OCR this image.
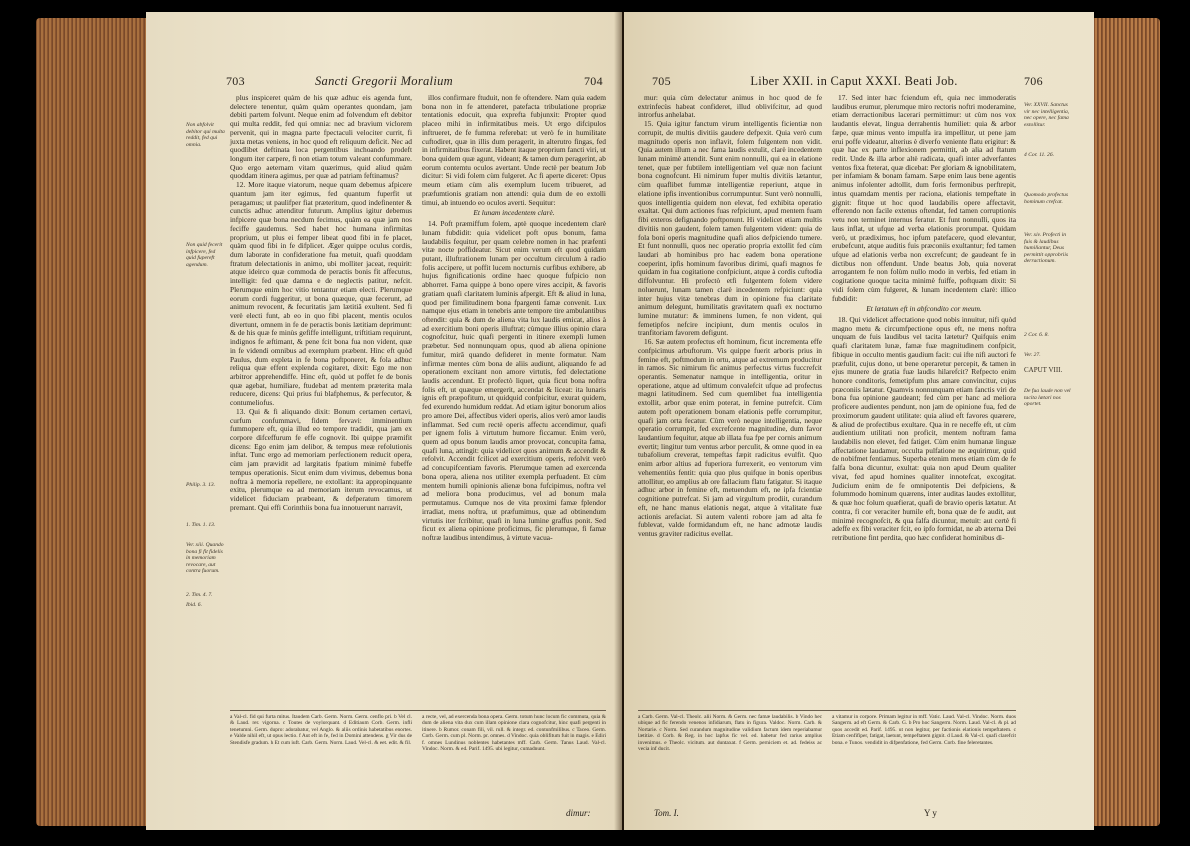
703	Sancti Gregorii Moralium	704
Non abfolvit debitor qui multa reddit, fed qui omnia.
Non quid fecerit infpicere, fed quid fupereft agendum.
Philip. 3. 13.
1. Tim. 1. 13.
Ver. xiii. Quando bona fi fit fidelis in memoriam revocare, aut contra fuorum.
2. Tim. 4. 7.
Ibid. 6.

plus inspiceret quàm de his quæ adhuc eis agenda funt, delectere tenentur, quàm quàm operantes quondam, jam debiti partem folvunt. Neque enim ad folvendum eft debitor qui multa reddit, fed qui omnia: nec ad bravium viclorem pervenit, qui in magna parte fpectaculi velociter currit, fi juxta metas veniens, in hoc quod eft reliquum deficit. Nec ad quodlibet deftinata loca pergentibus inchoando prodeft longum iter carpere, fi non etiam totum valeant confummare. Quo ergo aeternam vitam quærimus, quid aliud quàm quoddam itinera agimus, per quæ ad patriam feftinamus?

12. More itaque viatorum, neque quam debemus afpicere quantum jam iter egimus, fed quantum fuperfit ut peragamus; ut paulifper fiat præteritum, quod indefinenter & cunctis adhuc attenditur futurum. Amplius igitur debemus infpicere quæ bona necdum fecimus, quàm ea quæ jam nos feciffe gaudemus. Sed habet hoc humana infirmitas proprium, ut plus ei femper libeat quod fibi in fe placet, quàm quod fibi in fe difplicet. Æger quippe oculus cordis, dum laborate in confideratione fua metuit, quafi quoddam ftratum delectationis in animo, ubi molliter jaceat, requirit: atque ideirco quæ commoda de peractis bonis fit affecutus, intelligit: fed quæ damna e de neglectis patitur, nefcit. Plerumque enim hoc vitio tentantur etiam electi. Plerumque eorum cordi fuggeritur, ut bona quæque, quæ fecerunt, ad animum revocent, & fecuritatis jam lætitiâ exultent. Sed fi verè electi funt, ab eo in quo fibi placent, mentis oculos divertunt, omnem in fe de peractis bonis lætitiam deprimunt: & de his quæ fe minùs gefiffe intelligunt, triftitiam requirunt, indignos fe æftimant, & pene fcit bona fua non vident, quæ in fe videndi omnibus ad exemplum præbent. Hinc eft quòd Paulus, dum expleta in fe bona poftponeret, & fola adhuc reliqua quæ effent explenda cogitaret, dixit: Ego me non arbitror apprehendiffe. Hinc eft, quòd ut poffet fe de bonis quæ agebat, humiliare, ftudebat ad mentem præterita mala reducere, dicens: Qui prius fui blafphemus, & perfecutor, & contumeliofus.

13. Qui & fi aliquando dixit: Bonum certamen certavi, curfum confummavi, fidem fervavi: imminentium fummopere eft, quia illud eo tempore tradidit, qua jam ex corpore difceffurum fe effe cognovit. Ibi quippe præmifit dicens: Ego enim jam delibor, & tempus meæ refolutionis inftat. Tunc ergo ad memoriam perfectionem reducit opera, cùm jam prævidit ad largitatis fpatium minimè fubeffe tempus operationis. Sicut enim dum vivimus, debemus bona noftra à memoria repellere, ne extollant: ita appropinquante exitu, plerumque ea ad memoriam iterum revocamus, ut videlicet fiduciam præbeant, & defperatum timorem premant. Qui effi Corinthiis bona fua innotuerunt narravit,

illos confirmare ftuduit, non fe oftendere. Nam quia eadem bona non in fe attenderet, patefacta tribulatione propriæ tentationis edocuit, qua exprefta fubjunxit: Propter quod placeo mihi in infirmitatibus meis. Ut ergo difcipulos inftrueret, de fe fumma referebat: ut verò fe in humilitate cuftodiret, quæ in illis dum peragerit, in alterutro fingas, fed in infirmitatibus fixerat. Habent itaque proprium fancti viri, ut bona quidem quæ agunt, videant; & tamen dum peragerint, ab eorum contemtu oculos avertant. Unde rectè per beatum Job dicitur: Si vidi folem cùm fulgeret. Ac fi aperte diceret: Opus meum etiam cùm alis exemplum lucem tribueret, ad præfumtionis gratiam non attendi: quia dum de eo extolli timui, ab intuendo eo oculos averti. Sequitur:

Et lunam incedentem clarè.

14. Poft præmiffum folem, aptè quoque incedentem clarè lunam fubdidit: quia videlicet poft opus bonum, fama laudabilis fequitur, per quam celebre nomen in hac præfenti vitæ nocte poffideatur. Sicut enim verum eft quod quidam putant, illuftrationem lunam per occultum circulum à radio folis accipere, ut poffit lucem nocturnis curfibus exhibere, ab hujus fignificationis ordine haec quoque fufpicio non abhorret. Fama quippe à bono opere vires accipit, & favoris gratiam quafi claritatem luminis afpergit. Eft & aliud in luna, quod per fimilitudinem bona fpargenti famæ convenit. Lux namque ejus etiam in tenebris ante tempore tire ambulantibus oftendit: quia & dum de aliena vita lux laudis emicat, alios à ad exercitium boni operis illuftrat; cùmque illius opinio clara cognofcitur, huic quafi pergenti in itinere exempli lumen præbetur. Sed nonnunquam opus, quod ab aliena opinione fumitur, mirâ quando defideret in mente formatur. Nam infirmæ mentes cùm bona de aliis audiunt, aliquando fe ad operationem excitant non amore virtutis, fed delectatione laudis accendunt. Et profectò liquet, quia ficut bona noftra folis eft, ut quæque emergerit, accendat & liceat: ita lunaris ignis eft præpofitum, ut quidquid confpicitur, exurat quidem, fed exurendo humidum reddat. Ad etiam igitur bonorum alios pro amore Dei, affectibus videri operis, alios verò amor laudis inflammat. Sed cum rectè operis affectu accendimur, quafi per ignem folis à virtutum humore ficcamur. Enim verò, quem ad opus bonum laudis amor provocat, concupita fama, quafi luna, attingit: quia videlicet quos animum & accendit & refolvit. Accendit fcilicet ad exercitium operis, refolvit verò ad concupifcentiam favoris. Plerumque tamen ad exercenda bona opera, aliena nos utiliter exempla perfuadent. Et cùm mentem humili opinionis alienæ bona fufcipimus, noftra vel ad meliora bona producimus, vel ad bonum mala permutamus. Cumque nos de vita proximi famæ fplendor irradiat, mens noftra, ut præfumimus, quæ ad obtinendum virtutis iter fcribitur, quafi in luna lumine graffus ponit. Sed ficut ex aliena opinione proficimus, fic plerumque, fi famæ noftræ laudibus intendimus, à virtute vacua-

a Val-cl. fid qui furta mitus. Itaudem Carb. Germ. Norm. Germ. cenflo pri. b Vel cl. & Laud. rer. vigorna. c Toutes de voylorquant. d Editiaum Corb. Germ. infli tenetumni. Germ. dupro: adorabatur, vel Anglo. & aliis ordinis habetatibus enortes. e Valde nihil eft, ut opus lectio. f Aut eft in fe, fed in Domini attendens. g Vir dus de Stendisfe gradum. h Et cum iuft. Carb. Germ. Norm. Laud. Vel-cl. & eet. edit. & fil.
a recte, vel, ad exercenda bona opera. Germ. totum hunc locum fic commuta, quia & dum de aliena vita dux cum illam opinione clara cognofcitur, hinc quafi pergenti in itinere. b Rumor. conam fili, vil. rull. & integr. ed. contunfmilibus. c Taceo. Germ. Corb. Germ. cum pl. Norm. pr. omnes. d Vindoc. quia oblifitum fuit in magis. e Ediri f. omnes Lundinus noblentes habetantes mff. Carb. Germ. Tanus Laud. Val-cl. Vindoc. Norm. & ed. Parif. 1495. ubi legitur, cumadnunt.
dimur:
705	Liber XXII. in Caput XXXI. Beati Job.	706

mur: quia cùm delectatur animus in hoc quod de fe extrinfecùs habeat confideret, illud oblivifcitur, ad quod introrfus anhelabat.

15. Quia igitur fanctum virum intelligentis ficientiæ non corrupit, de multis divitiis gaudere defpexit. Quia verò cum magnitudo operis non inflavit, folem fulgentem non vidit. Quia autem illum a nec fama laudis extulit, clarè incedentem lunam minimè attendit. Sunt enim nonnulli, qui ea in elatione tenet, quæ per fubtilem intelligentiam vel quæ non faciunt bona cognofcunt. Hi nimirum fuper multis divitiis lætantur, cùm quaflibet fummæ intelligentiæ reperiunt, atque in elatione ipfis inventionibus corrumpuntur. Sunt verò nonnulli, quos intelligentia quidem non elevat, fed exhibita operatio exaltat. Qui dum actiones fuas refpiciunt, apud mentem fuam fibi exteros defignando poftponunt. Hi videlicet etiam multis divitiis non gaudent, folem tamen fulgentem vident: quia de fola boni operis magnitudine quafi alios defpiciendo tumere. Et funt nonnulli, quos nec operatio propria extollit fed cùm laudari ab hominibus pro hac eadem bona operatione coeperint, ipfis hominum favoribus dirimi, quafi magnos fe quidam in fua cogitatione confpiciunt, atque à cordis cuftodia diffolvuntur. Hi profectò etfi fulgentem folem videre noluerunt, lunam tamen clarè incedentem refpiciunt: quia inter hujus vitæ tenebras dum in opinione fua claritate animum delegunt, humilitatis gravitatem quafi ex nocturno lumine mutatur: & imminens lumen, fe non vident, qui femetipfos nefcire incipiunt, dum mentis oculos in tranfitoriam favorem defigunt.

16. Sæ autem profectus eft hominum, ficut incrementa effe confpicimus arbuftorum. Vis quippe fuerit arboris prius in femine eft, poftmodum in ortu, atque ad extremum producitur in ramos. Sic nimirum fic animus perfectus virtus fuccrefcit operantis. Semenatur namque in intelligentia, oritur in operatione, atque ad ultimum convalefcit ufque ad profectus magni latitudinem. Sed cum quemlibet fua intelligentia extollit, arbor quæ enim poterat, in femine putrefcit. Cùm autem poft operationem bonam elationis peffe corrumpitur, quafi jam orta fecatur. Cùm verò neque intelligentia, neque operatio corrumpit, fed excrefcente magnitudine, dum favor laudantium fequitur, atque ab illata fua fpe per cornis animum evertit; lingitur tum ventus arbor perculit, & omne quod in ea tubafolium creverat, tempeftas fæpit radicitus evulfit. Quo enim arbor altius ad fuperiora furrexerit, eo ventorum vim vehementiùs fentit: quia quo plus quifque in bonis operibus attollitur, eo amplius ab ore fallacium flatu fatigatur. Si itaque adhuc arbor in femine eft, metuendum eft, ne ipfa fcientiæ cognitione putrefcat. Si jam ad virgultum prodiit, curandum eft, ne hanc manus elationis negat, atque à vitalitate fuæ actionis arefaciat. Si autem valenti robore jam ad alta fe fublevat, valde formidandum eft, ne hanc admotæ laudis ventus graviter radicitus evellat.

17. Sed inter hæc fciendum eft, quia nec immoderatis laudibus erumur, plerumque miro rectoris noftri moderamine, etiam derractionibus lacerari permittimur: ut cùm nos vox laudantis elevat, lingua derrahentis humiliet: quia & arbor fæpe, quæ minus vento impulfa ira impellitur, ut pene jam erui poffe videatur, alterius è diverfo veniente flatu erigitur: & quæ hac ex parte inflexionem permittit, ab alia ad ftatum redit. Unde & illa arbor altè radicata, quafi inter adverfantes ventos fixa fteterat, quæ dicebat: Per gloriam & ignobilitatem, per infamiam & bonam famam. Sæpe enim laus bene agentis animus infolenter adtollit, dum foris fermonibus perftrepit, intus quamdam mentis per raciona, elationis tempeftate in gignit: fitque ut hoc quod laudabilis opere affectavit, efferendo non facile extenus oftendat, fed tamen corruptionis vetu non terminet internus feratur. Et funt nonnulli, quos ita laus inflat, ut ufque ad verba elationis prorumpat. Quidam verò, ut prædiximus, hoc ipfum patefacere, quod elevantur, erubefcunt, atque auditis fuis præconiis exultantur; fed tamen ufque ad elationis verba non excrefcunt; de gaudeant fe in dictibus non offendunt. Unde beatus Job, quia noverat arrogantem fe non folùm nullo modo in verbis, fed etiam in cogitatione quoque tacita minimè fuiffe, poftquam dixit: Si vidi folem cùm fulgeret, & lunam incedentem clarè: illico fubdidit:

Et lætatum eft in abfcondito cor meum.

18. Qui videlicet affectatione quod nobis innuitur, nifi quòd magno metu & circumfpectione opus eft, ne mens noftra unquam de fuis laudibus vel tacita lætetur? Quifquis enim quafi claritatem lunæ, famæ fuæ magnitudinem confpicit, fibique in occulto mentis gaudium facit: cui ifte nifi auctori fe præfulit, cujus dono, ut bene operaretur percepit, & tamen in ejus munere de gratia fuæ laudis hilarefcit? Refpecto enim honore conditoris, femetipfum plus amare convincitur, cujus præconiis lætatur. Quamvis nonnunquam etiam fanctis viri de bona fua opinione gaudeant; fed cùm per hanc ad meliora proficere audientes pendunt, non jam de opinione fua, fed de proximorum gaudent utilitate: quia aliud eft favores quærere, & aliud de profectibus exultare. Qua in re neceffe eft, ut cùm audientium utilitati non proficit, mentem noftram fama laudabilis non elevet, fed fatiget. Cùm enim humanæ linguæ affectatione laudamur, occulta pulfatione ne æquirimur, quid de nobifmet fentiamus. Superba etenim mens etiam cùm de fe falfa bona dicuntur, exultat: quia non apud Deum qualiter vivat, fed apud homines qualiter innotefcat, excogitat. Judicium enim de fe omnipotentis Dei defpiciens, & folummodo hominum quærens, inter auditas laudes extollitur, & quæ hoc folum quæfierat, quafi de bravio operis lætatur. At contra, fi cor veraciter humile eft, bona quæ de fe audit, aut minimè recognofcit, & qua falfa dicuntur, metuit: aut certè fi adeffe ex fibi veraciter fcit, eo ipfo formidat, ne ab æterna Dei retributione fint perdita, quo hæc confiderat hominibus di-

Ver. XXVII. Sanctus vir nec intelligentia, nec opere, nec fama extollitur.
4 Cor. 11. 26.
Quomodo profectus hominum crefcat.
Ver. xiv. Profecti in fuis & laudibus humiliantur, Deus permittit opprobriis derractionum.
2 Cor. 6. 8.
Ver. 27.
CAPUT VIII.
De fua laude non vel tacita lætari nos oportet.
a Carb. Germ. Val-cl. Theolc. alii Norm. & Germ. nec famæ laudabilis. b Vindo hec ubique ad fic ferendo venenos infidiarum, flatu in figura. Valdoc. Norm. Carb. & Nortarie. c Norm. Sed curandum magnitudine validium factum idem reperiabamur lætitiæ. d Corb. & Reg. in hoc lapfus fic vel. ed. habetur fed rarius amplius invenimus. e Theolc. vicitum. aut duntaxat. f Germ. perniciem et. ad. fedeiss ac vecia inf ducit.
a vitamur in corpore. Primam legitur in mff. Vatic. Laud. Val-cl. Vindoc. Norm. duos Sangerm. ad eft Germ. & Carb. G. b Pro hoc Sangerm. Norm. Laud. Val-cl. & pl. ad quos accedit ed. Parif. 1495. ut non legitur, per factionis elationis tempeftatem. c Etiam cenfifiper, fatigat, laetunt, tempeftatem gignit. d Laud. & Val-cl. quafi clarefcit bona. e Tunos. vendidit in difpenfatione, fed Germ. Corb. fine feleretantes.
Tom. I.	Y y
